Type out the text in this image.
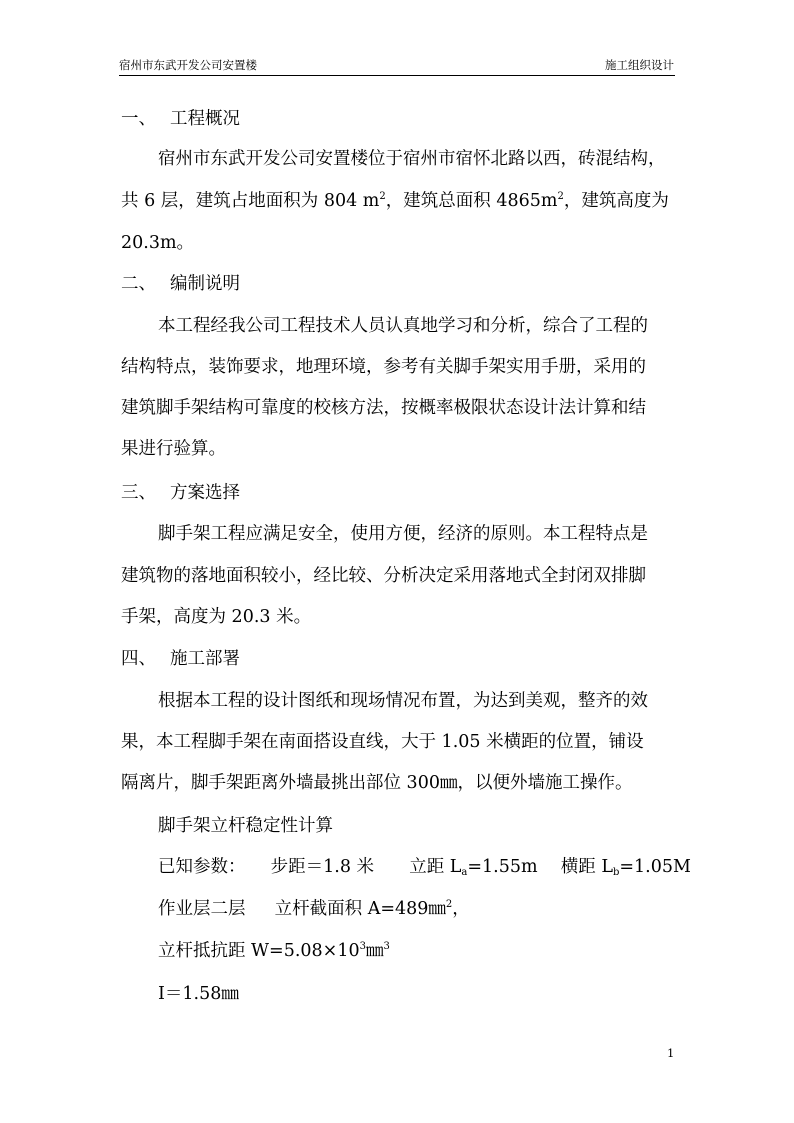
宿州市东武开发公司安置楼	施工组织设计
一、 工程概况
宿州市东武开发公司安置楼位于宿州市宿怀北路以西，砖混结构，
共 6 层，建筑占地面积为 804 $m^2$，建筑总面积 $4865m^2$，建筑高度为
20.3m。
二、 编制说明
本工程经我公司工程技术人员认真地学习和分析，综合了工程的
结构特点，装饰要求，地理环境，参考有关脚手架实用手册，采用的
建筑脚手架结构可靠度的校核方法，按概率极限状态设计法计算和结
果进行验算。
三、 方案选择
脚手架工程应满足安全，使用方便，经济的原则。本工程特点是
建筑物的落地面积较小，经比较、分析决定采用落地式全封闭双排脚
手架，高度为 20.3 米。
四、 施工部署
根据本工程的设计图纸和现场情况布置，为达到美观，整齐的效
果，本工程脚手架在南面搭设直线，大于 1.05 米横距的位置，铺设
隔离片，脚手架距离外墙最挑出部位 300㎜，以便外墙施工操作。
脚手架立杆稳定性计算
已知参数： 步距＝1.8 米 立距 $L_a=1.55m$ 横距 $L_b=1.05M$
作业层二层 立杆截面积 A=489㎜$^2$，
立杆抵抗距 $W=5.08\times 10^3㎜^3$
I＝1.58㎜
1
